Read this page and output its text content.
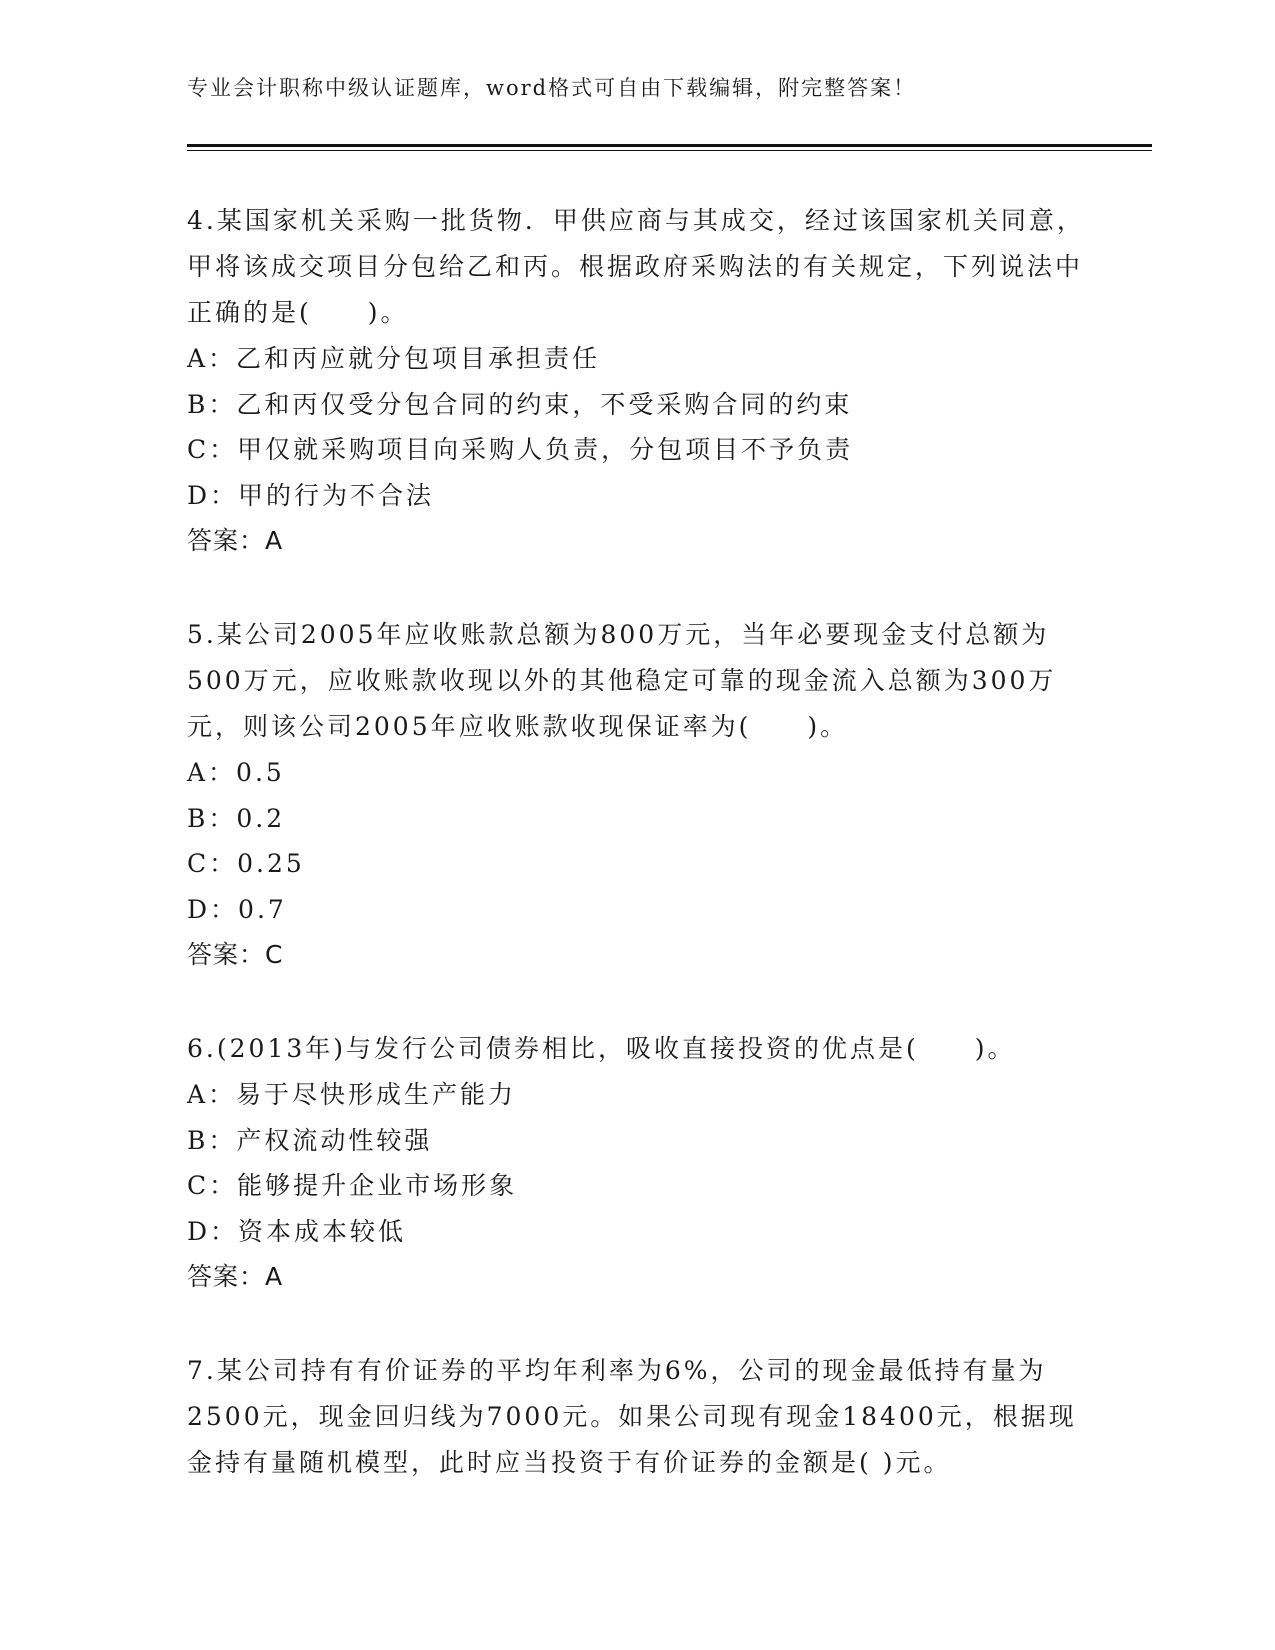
专业会计职称中级认证题库，word格式可自由下载编辑，附完整答案！

4.某国家机关采购一批货物．甲供应商与其成交，经过该国家机关同意，甲将该成交项目分包给乙和丙。根据政府采购法的有关规定，下列说法中正确的是(　　)。

A：乙和丙应就分包项目承担责任

B：乙和丙仅受分包合同的约束，不受采购合同的约束

C：甲仅就采购项目向采购人负责，分包项目不予负责

D：甲的行为不合法

答案：A

5.某公司2005年应收账款总额为800万元，当年必要现金支付总额为500万元，应收账款收现以外的其他稳定可靠的现金流入总额为300万元，则该公司2005年应收账款收现保证率为(　　)。

A：0.5

B：0.2

C：0.25

D：0.7

答案：C

6.(2013年)与发行公司债券相比，吸收直接投资的优点是(　　)。

A：易于尽快形成生产能力

B：产权流动性较强

C：能够提升企业市场形象

D：资本成本较低

答案：A

7.某公司持有有价证券的平均年利率为6%，公司的现金最低持有量为2500元，现金回归线为7000元。如果公司现有现金18400元，根据现金持有量随机模型，此时应当投资于有价证券的金额是( )元。
